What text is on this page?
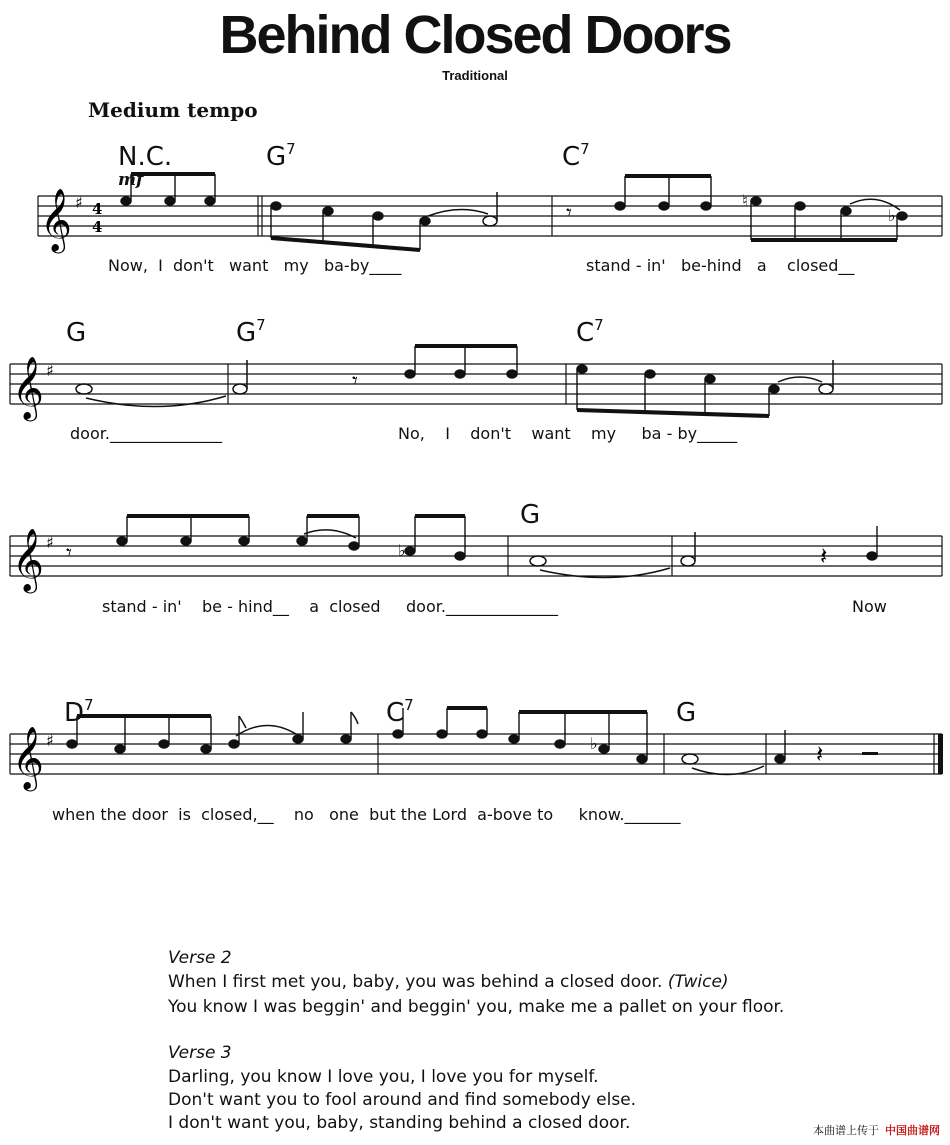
Behind Closed Doors
Traditional
Medium tempo
N.C.	$G^7$	$C^7$
mf
G	$G^7$	$C^7$
G
$D^7$	$C^7$	G
𝄞 ♯ 4
4
𝄾
♮
♭
𝄞 ♯	𝄾
𝄞 ♯ 𝄾	♭	𝄽
𝄞 ♯	♭	𝄽
Now, I don't want my ba-by____	stand - in' be-hind a closed__
door.______________	No, I don't want my ba - by_____
stand - in' be - hind__    a closed door.______________	Now
when the door is closed,__    no one but the Lord a-bove to know._______
Verse 2
When I first met you, baby, you was behind a closed door. (Twice)
You know I was beggin' and beggin' you, make me a pallet on your floor.
Verse 3
Darling, you know I love you, I love you for myself.
Don't want you to fool around and find somebody else.
I don't want you, baby, standing behind a closed door.	本曲谱上传于 中国曲谱网
